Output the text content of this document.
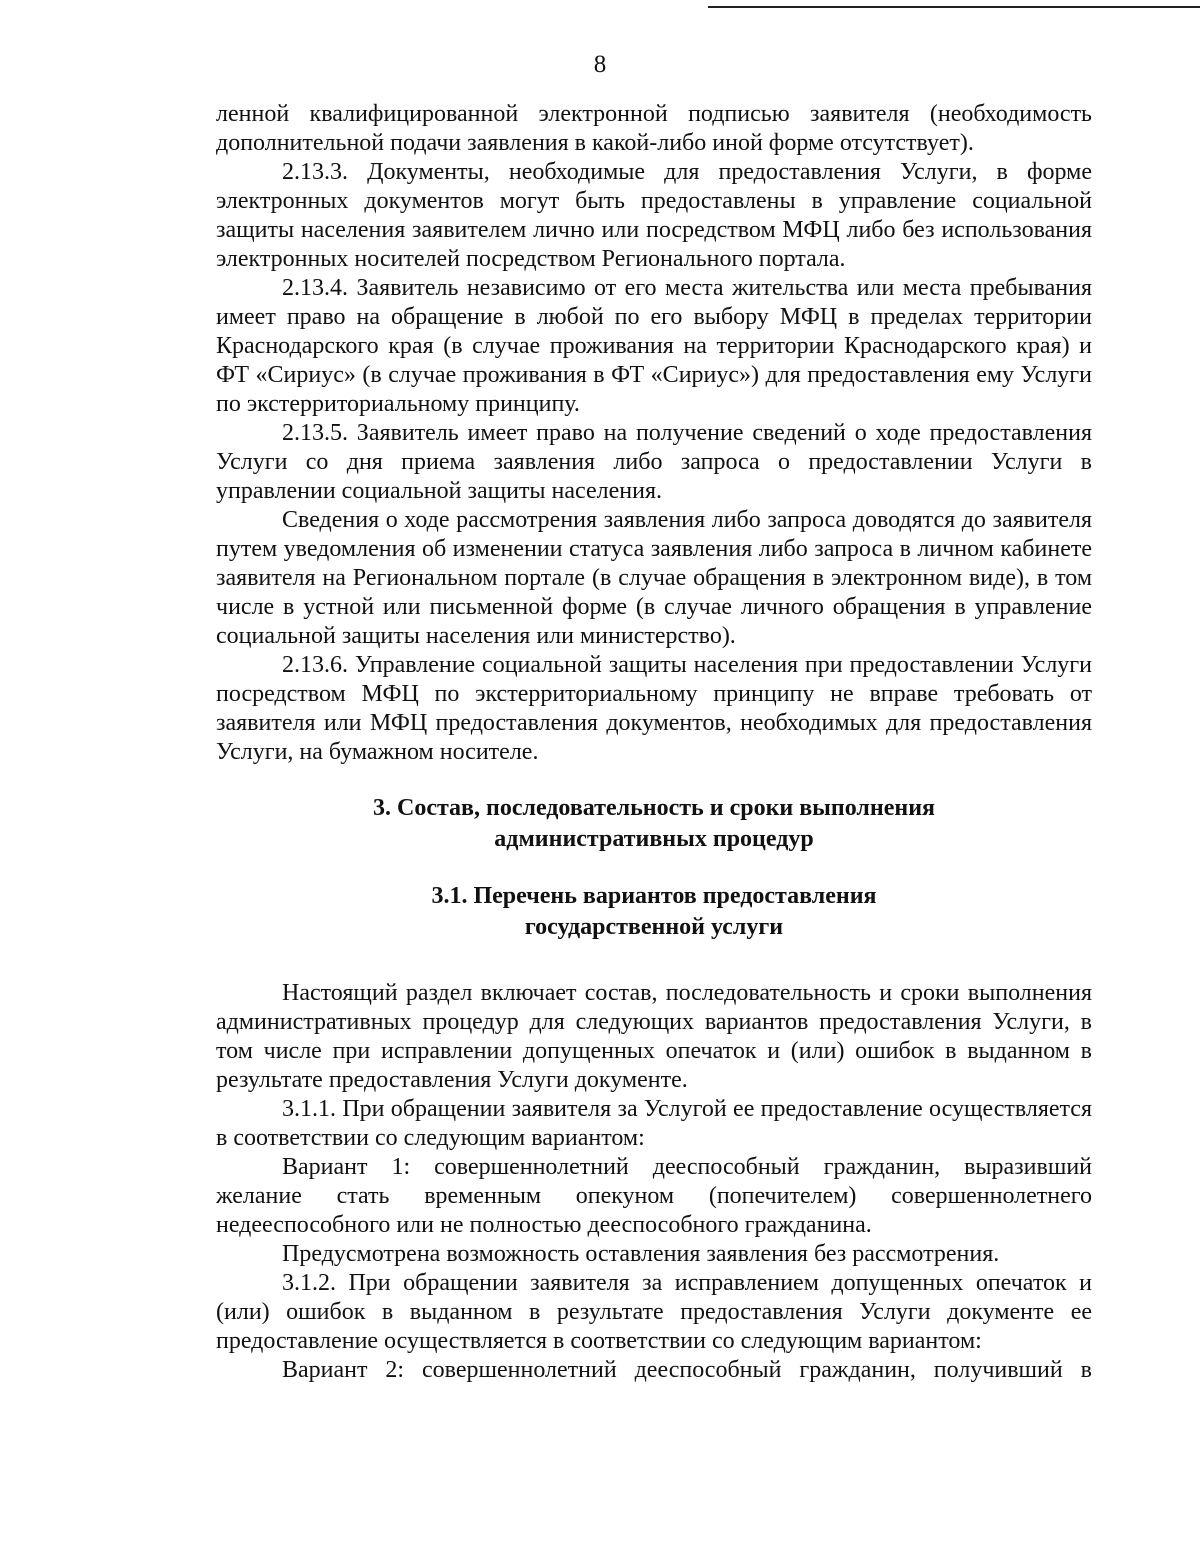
8

ленной квалифицированной электронной подписью заявителя (необходимость дополнительной подачи заявления в какой-либо иной форме отсутствует).

2.13.3. Документы, необходимые для предоставления Услуги, в форме электронных документов могут быть предоставлены в управление социальной защиты населения заявителем лично или посредством МФЦ либо без использования электронных носителей посредством Регионального портала.

2.13.4. Заявитель независимо от его места жительства или места пребывания имеет право на обращение в любой по его выбору МФЦ в пределах территории Краснодарского края (в случае проживания на территории Краснодарского края) и ФТ «Сириус» (в случае проживания в ФТ «Сириус») для предоставления ему Услуги по экстерриториальному принципу.

2.13.5. Заявитель имеет право на получение сведений о ходе предоставления Услуги со дня приема заявления либо запроса о предоставлении Услуги в управлении социальной защиты населения.

Сведения о ходе рассмотрения заявления либо запроса доводятся до заявителя путем уведомления об изменении статуса заявления либо запроса в личном кабинете заявителя на Региональном портале (в случае обращения в электронном виде), в том числе в устной или письменной форме (в случае личного обращения в управление социальной защиты населения или министерство).

2.13.6. Управление социальной защиты населения при предоставлении Услуги посредством МФЦ по экстерриториальному принципу не вправе требовать от заявителя или МФЦ предоставления документов, необходимых для предоставления Услуги, на бумажном носителе.

3. Состав, последовательность и сроки выполнения
административных процедур
3.1. Перечень вариантов предоставления
государственной услуги

Настоящий раздел включает состав, последовательность и сроки выполнения административных процедур для следующих вариантов предоставления Услуги, в том числе при исправлении допущенных опечаток и (или) ошибок в выданном в результате предоставления Услуги документе.

3.1.1. При обращении заявителя за Услугой ее предоставление осуществляется в соответствии со следующим вариантом:

Вариант 1: совершеннолетний дееспособный гражданин, выразивший желание стать временным опекуном (попечителем) совершеннолетнего недееспособного или не полностью дееспособного гражданина.

Предусмотрена возможность оставления заявления без рассмотрения.

3.1.2. При обращении заявителя за исправлением допущенных опечаток и (или) ошибок в выданном в результате предоставления Услуги документе ее предоставление осуществляется в соответствии со следующим вариантом:

Вариант 2: совершеннолетний дееспособный гражданин, получивший в
